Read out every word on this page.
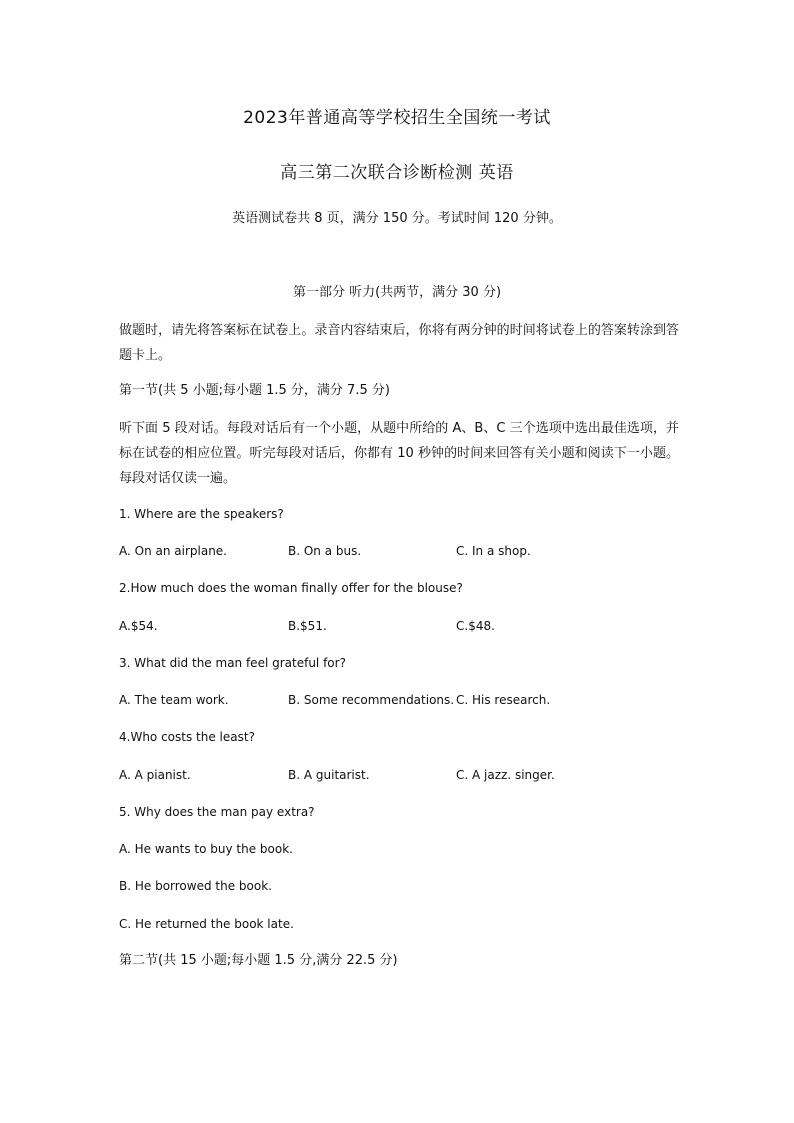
2023年普通高等学校招生全国统一考试
高三第二次联合诊断检测 英语
英语测试卷共 8 页，满分 150 分。考试时间 120 分钟。
第一部分 听力(共两节，满分 30 分)
做题时，请先将答案标在试卷上。录音内容结束后，你将有两分钟的时间将试卷上的答案转涂到答题卡上。
第一节(共 5 小题;每小题 1.5 分，满分 7.5 分)
听下面 5 段对话。每段对话后有一个小题，从题中所给的 A、B、C 三个选项中选出最佳选项，并标在试卷的相应位置。听完每段对话后，你都有 10 秒钟的时间来回答有关小题和阅读下一小题。每段对话仅读一遍。
1. Where are the speakers?
A. On an airplane.	B. On a bus.	C. In a shop.
2.How much does the woman finally offer for the blouse?
A.$54.	B.$51.	C.$48.
3. What did the man feel grateful for?
A. The team work.	B. Some recommendations. C. His research.
4.Who costs the least?
A. A pianist.	B. A guitarist.	C. A jazz. singer.
5. Why does the man pay extra?
A. He wants to buy the book.
B. He borrowed the book.
C. He returned the book late.
第二节(共 15 小题;每小题 1.5 分,满分 22.5 分)
